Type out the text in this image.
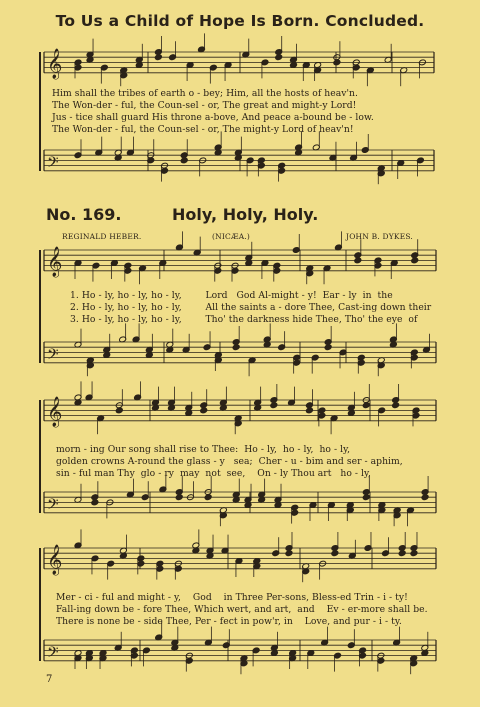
To Us a Child of Hope Is Born. Concluded.
No. 169.	Holy, Holy, Holy.
REGINALD HEBER.	(NICÆA.)	JOHN B. DYKES.
Him shall the tribes of earth o - bey; Him, all the hosts of heav'n.
The Won-der - ful, the Coun-sel - or, The great and might-y Lord!
Jus - tice shall guard His throne a-bove, And peace a-bound be - low.
The Won-der - ful, the Coun-sel - or, The might-y Lord of heav'n!
1. Ho - ly, ho - ly, ho - ly,        Lord   God Al-might - y!  Ear - ly  in  the
2. Ho - ly, ho - ly, ho - ly,        All the saints a - dore Thee, Cast-ing down their
3. Ho - ly, ho - ly, ho - ly,        Tho' the darkness hide Thee, Tho' the eye  of
morn - ing Our song shall rise to Thee:  Ho - ly,  ho - ly,  ho - ly,
golden crowns A-round the glass - y   sea;  Cher - u - bim and ser - aphim,
sin - ful man Thy  glo - ry  may  not  see,    On - ly Thou art   ho - ly,
Mer - ci - ful and might - y,    God    in Three Per-sons, Bless-ed Trin - i - ty!
Fall-ing down be - fore Thee, Which wert, and art,  and    Ev - er-more shall be.
There is none be - side Thee, Per - fect in pow'r, in    Love, and pur - i - ty.
7
𝄞
𝄢
𝄞
𝄢
𝄞
𝄢
𝄞
𝄢
